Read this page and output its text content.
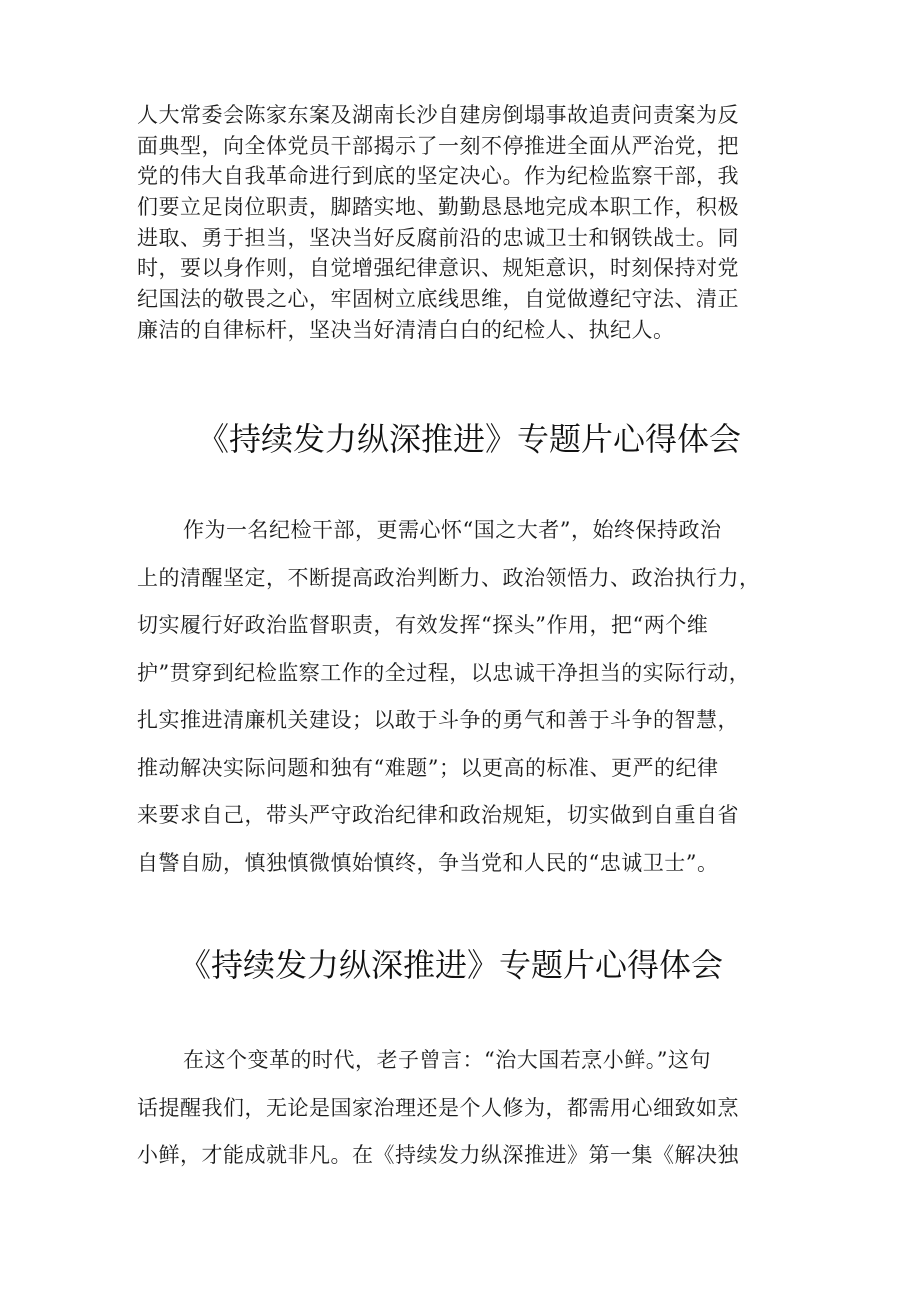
人大常委会陈家东案及湖南长沙自建房倒塌事故追责问责案为反
面典型，向全体党员干部揭示了一刻不停推进全面从严治党，把
党的伟大自我革命进行到底的坚定决心。作为纪检监察干部，我
们要立足岗位职责，脚踏实地、勤勤恳恳地完成本职工作，积极
进取、勇于担当，坚决当好反腐前沿的忠诚卫士和钢铁战士。同
时，要以身作则，自觉增强纪律意识、规矩意识，时刻保持对党
纪国法的敬畏之心，牢固树立底线思维，自觉做遵纪守法、清正
廉洁的自律标杆，坚决当好清清白白的纪检人、执纪人。
《持续发力纵深推进》专题片心得体会
作为一名纪检干部，更需心怀“国之大者”，始终保持政治
上的清醒坚定，不断提高政治判断力、政治领悟力、政治执行力，
切实履行好政治监督职责，有效发挥“探头”作用，把“两个维
护”贯穿到纪检监察工作的全过程，以忠诚干净担当的实际行动，
扎实推进清廉机关建设；以敢于斗争的勇气和善于斗争的智慧，
推动解决实际问题和独有“难题”；以更高的标准、更严的纪律
来要求自己，带头严守政治纪律和政治规矩，切实做到自重自省
自警自励，慎独慎微慎始慎终，争当党和人民的“忠诚卫士”。
《持续发力纵深推进》专题片心得体会
在这个变革的时代，老子曾言：“治大国若烹小鲜。”这句
话提醒我们，无论是国家治理还是个人修为，都需用心细致如烹
小鲜，才能成就非凡。在《持续发力纵深推进》第一集《解决独
